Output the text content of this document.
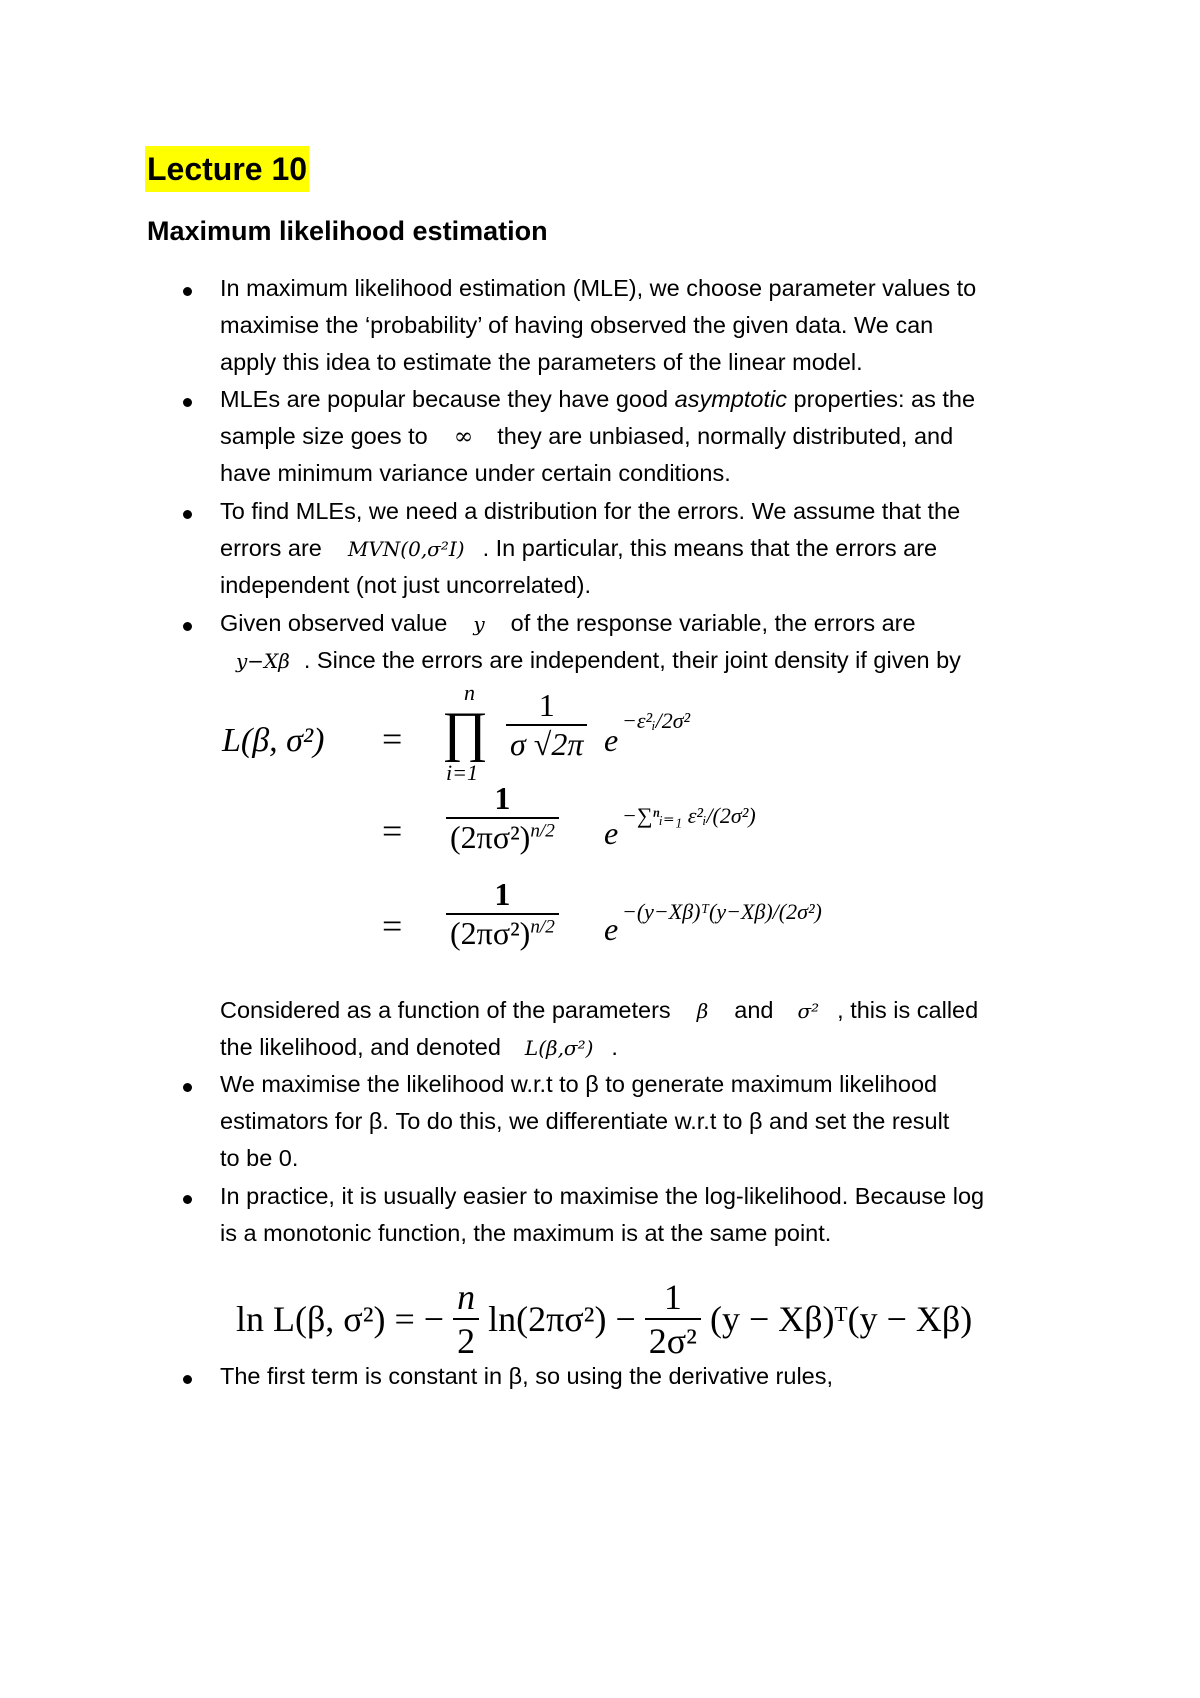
Lecture 10
Maximum likelihood estimation
In maximum likelihood estimation (MLE), we choose parameter values to
maximise the ‘probability’ of having observed the given data. We can
apply this idea to estimate the parameters of the linear model.
MLEs are popular because they have good asymptotic properties: as the
sample size goes to ∞ they are unbiased, normally distributed, and
have minimum variance under certain conditions.
To find MLEs, we need a distribution for the errors. We assume that the
errors are MVN(0,σ²I) . In particular, this means that the errors are
independent (not just uncorrelated).
Given observed value y of the response variable, the errors are
y−Xβ . Since the errors are independent, their joint density if given by
L(β, σ²) =
n
∏
i=1
$\frac{1}{\sigma √2\pi}$ e
−ε²ᵢ/2σ²
= $\frac{1}{(2\pi\sigma^2)^{n/2}}$ e −∑ⁿᵢ₌₁ ε²ᵢ/(2σ²)
= $\frac{1}{(2\pi\sigma^2)^{n/2}}$ e −(y−Xβ)ᵀ(y−Xβ)/(2σ²)
Considered as a function of the parameters β and σ² , this is called
the likelihood, and denoted L(β,σ²) .
We maximise the likelihood w.r.t to β to generate maximum likelihood
estimators for β. To do this, we differentiate w.r.t to β and set the result
to be 0.
In practice, it is usually easier to maximise the log-likelihood. Because log
is a monotonic function, the maximum is at the same point.
ln L(β, σ²) = − $\frac{n}{2} \ln(2\pi\sigma^2) - \frac{1}{\text{2σ²}} (y$ − Xβ)ᵀ(y − Xβ)
The first term is constant in β, so using the derivative rules,
